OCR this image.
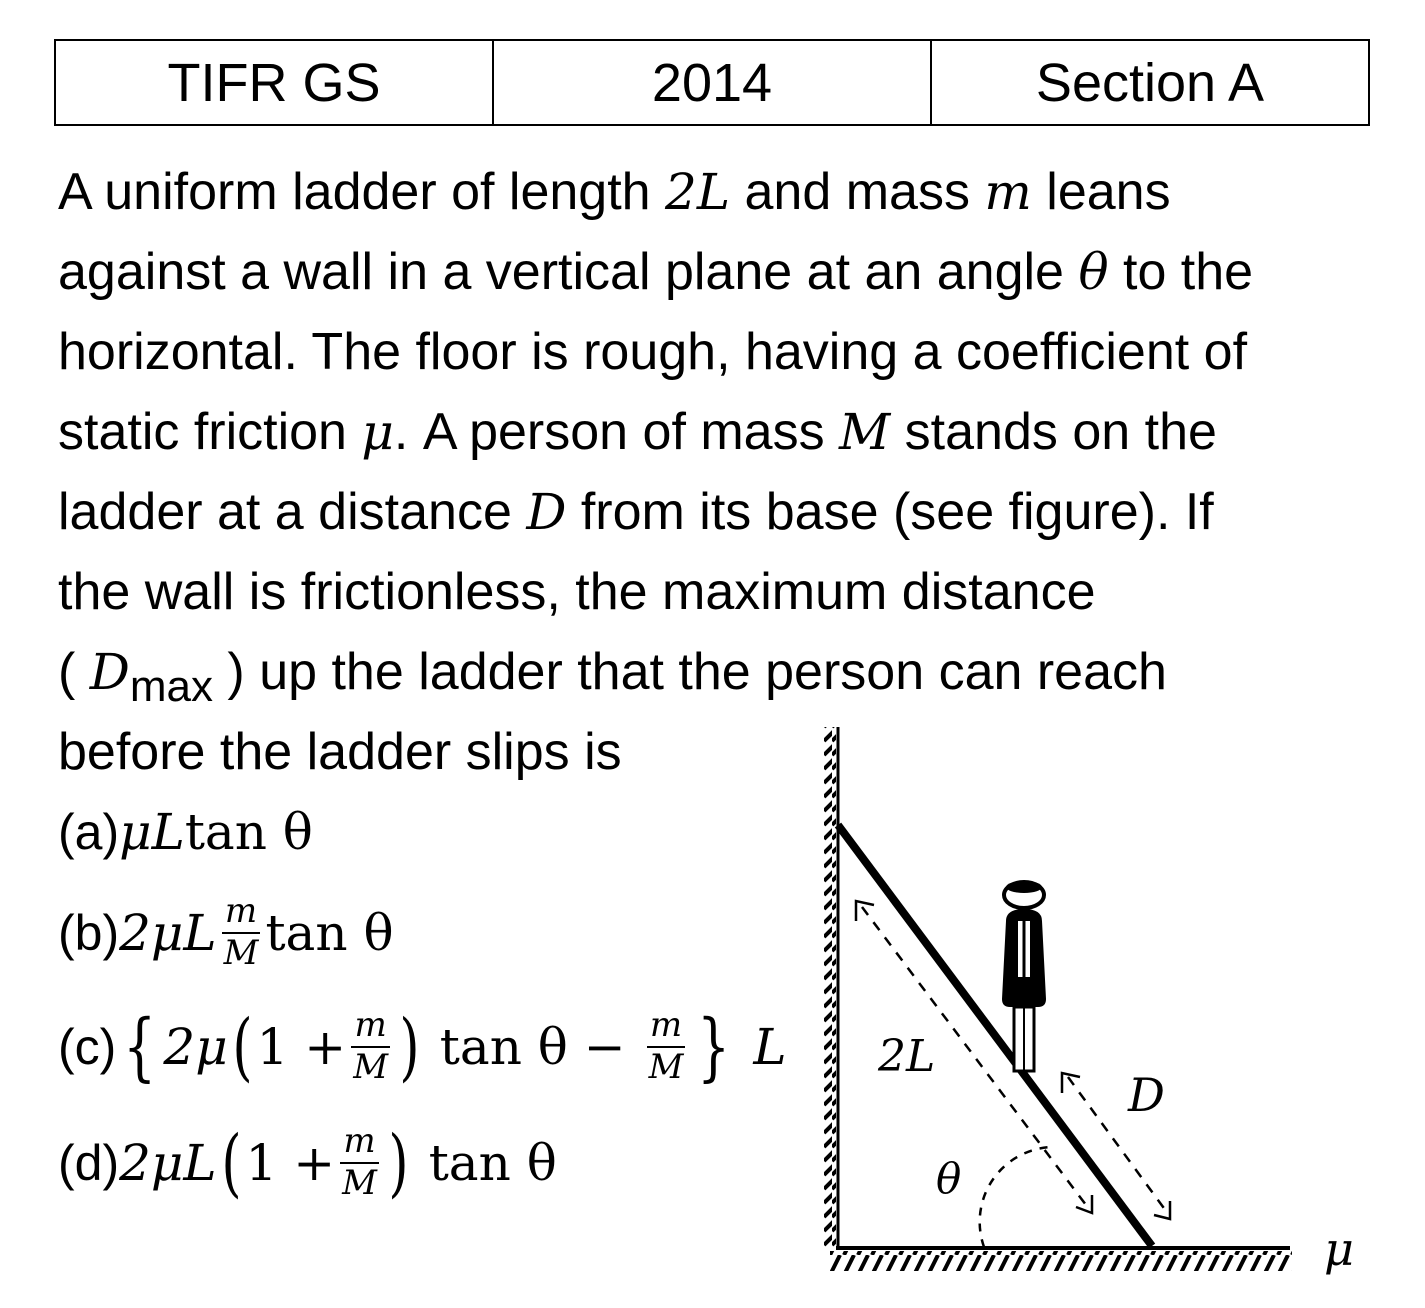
TIFR GS	2014	Section A
A uniform ladder of length 2L and mass m leans
against a wall in a vertical plane at an angle θ to the
horizontal. The floor is rough, having a coefficient of
static friction μ. A person of mass M stands on the
ladder at a distance D from its base (see figure). If
the wall is frictionless, the maximum distance
( $D_{max}$ ) up the ladder that the person can reach
before the ladder slips is
(a) μL tan θ
(b) $2\mu L \frac{m}{M}$ tan θ
(c) { 2μ ( $1 + \frac{m}{M}$ ) $\tan \theta - \frac{m}{M}$ } L
(d) 2μL ( $1 + \frac{m}{M}$ ) tan θ
2L
D
θ
μ
